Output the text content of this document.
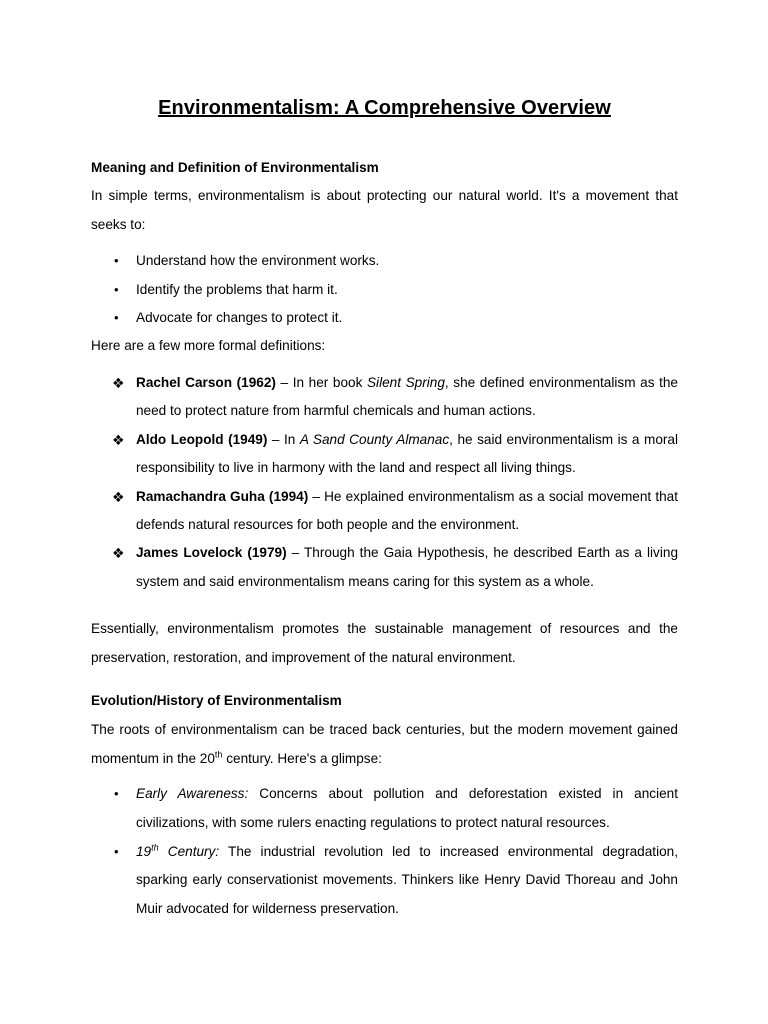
Environmentalism: A Comprehensive Overview

Meaning and Definition of Environmentalism

In simple terms, environmentalism is about protecting our natural world. It's a movement that seeks to:

• Understand how the environment works.
• Identify the problems that harm it.
• Advocate for changes to protect it.

Here are a few more formal definitions:

❖ Rachel Carson (1962) – In her book Silent Spring, she defined environmentalism as the need to protect nature from harmful chemicals and human actions.
❖ Aldo Leopold (1949) – In A Sand County Almanac, he said environmentalism is a moral responsibility to live in harmony with the land and respect all living things.
❖ Ramachandra Guha (1994) – He explained environmentalism as a social movement that defends natural resources for both people and the environment.
❖ James Lovelock (1979) – Through the Gaia Hypothesis, he described Earth as a living system and said environmentalism means caring for this system as a whole.

Essentially, environmentalism promotes the sustainable management of resources and the preservation, restoration, and improvement of the natural environment.

Evolution/History of Environmentalism

The roots of environmentalism can be traced back centuries, but the modern movement gained momentum in the 20th century. Here's a glimpse:

• Early Awareness: Concerns about pollution and deforestation existed in ancient civilizations, with some rulers enacting regulations to protect natural resources.
• 19th Century: The industrial revolution led to increased environmental degradation, sparking early conservationist movements. Thinkers like Henry David Thoreau and John Muir advocated for wilderness preservation.
